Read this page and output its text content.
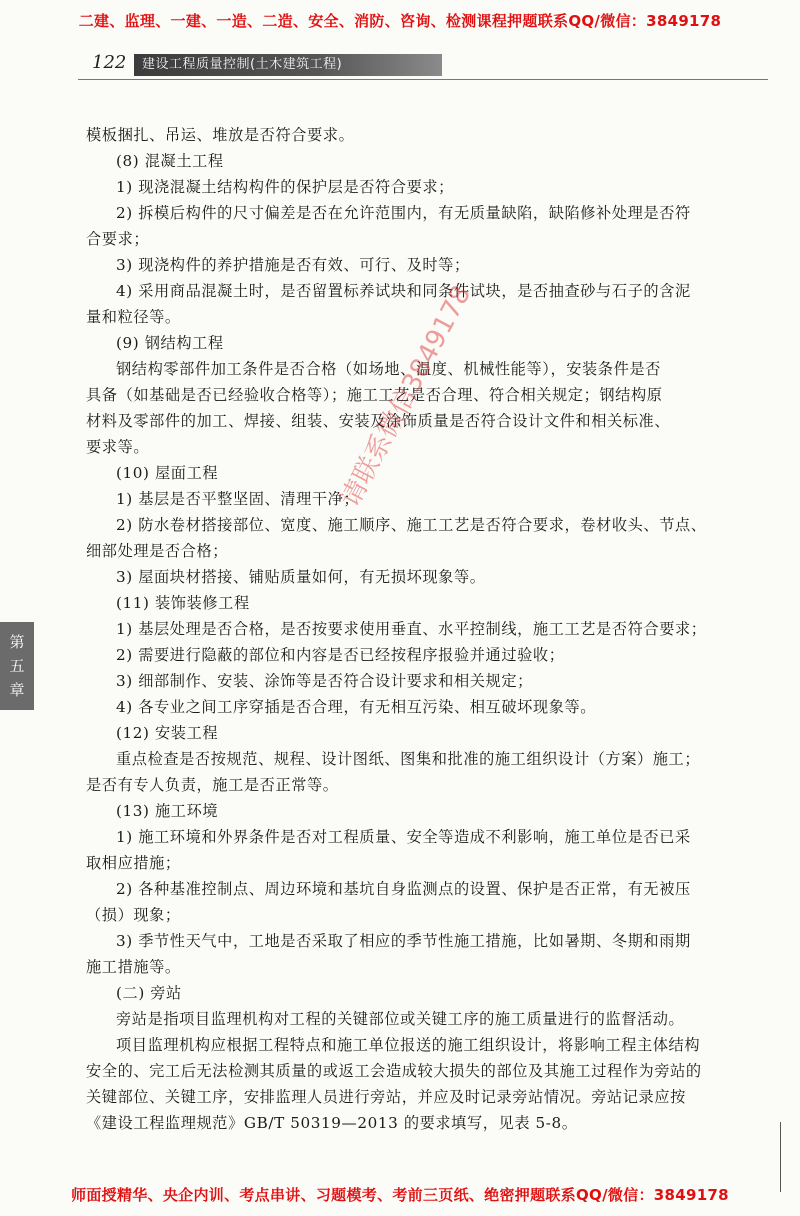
二建、监理、一建、一造、二造、安全、消防、咨询、检测课程押题联系QQ/微信：3849178
122	建设工程质量控制(土木建筑工程)
第五章
模板捆扎、吊运、堆放是否符合要求。
(8) 混凝土工程
1) 现浇混凝土结构构件的保护层是否符合要求；
2) 拆模后构件的尺寸偏差是否在允许范围内，有无质量缺陷，缺陷修补处理是否符
合要求；
3) 现浇构件的养护措施是否有效、可行、及时等；
4) 采用商品混凝土时，是否留置标养试块和同条件试块，是否抽查砂与石子的含泥
量和粒径等。
(9) 钢结构工程
钢结构零部件加工条件是否合格（如场地、温度、机械性能等），安装条件是否
具备（如基础是否已经验收合格等）；施工工艺是否合理、符合相关规定；钢结构原
材料及零部件的加工、焊接、组装、安装及涂饰质量是否符合设计文件和相关标准、
要求等。
(10) 屋面工程
1) 基层是否平整坚固、清理干净；
2) 防水卷材搭接部位、宽度、施工顺序、施工工艺是否符合要求，卷材收头、节点、
细部处理是否合格；
3) 屋面块材搭接、铺贴质量如何，有无损坏现象等。
(11) 装饰装修工程
1) 基层处理是否合格，是否按要求使用垂直、水平控制线，施工工艺是否符合要求；
2) 需要进行隐蔽的部位和内容是否已经按程序报验并通过验收；
3) 细部制作、安装、涂饰等是否符合设计要求和相关规定；
4) 各专业之间工序穿插是否合理，有无相互污染、相互破坏现象等。
(12) 安装工程
重点检查是否按规范、规程、设计图纸、图集和批准的施工组织设计（方案）施工；
是否有专人负责，施工是否正常等。
(13) 施工环境
1) 施工环境和外界条件是否对工程质量、安全等造成不利影响，施工单位是否已采
取相应措施；
2) 各种基准控制点、周边环境和基坑自身监测点的设置、保护是否正常，有无被压
（损）现象；
3) 季节性天气中，工地是否采取了相应的季节性施工措施，比如暑期、冬期和雨期
施工措施等。
(二) 旁站
旁站是指项目监理机构对工程的关键部位或关键工序的施工质量进行的监督活动。
项目监理机构应根据工程特点和施工单位报送的施工组织设计，将影响工程主体结构
安全的、完工后无法检测其质量的或返工会造成较大损失的部位及其施工过程作为旁站的
关键部位、关键工序，安排监理人员进行旁站，并应及时记录旁站情况。旁站记录应按
《建设工程监理规范》GB/T 50319—2013 的要求填写，见表 5-8。
请联系微信3849178
师面授精华、央企内训、考点串讲、习题模考、考前三页纸、绝密押题联系QQ/微信：3849178
